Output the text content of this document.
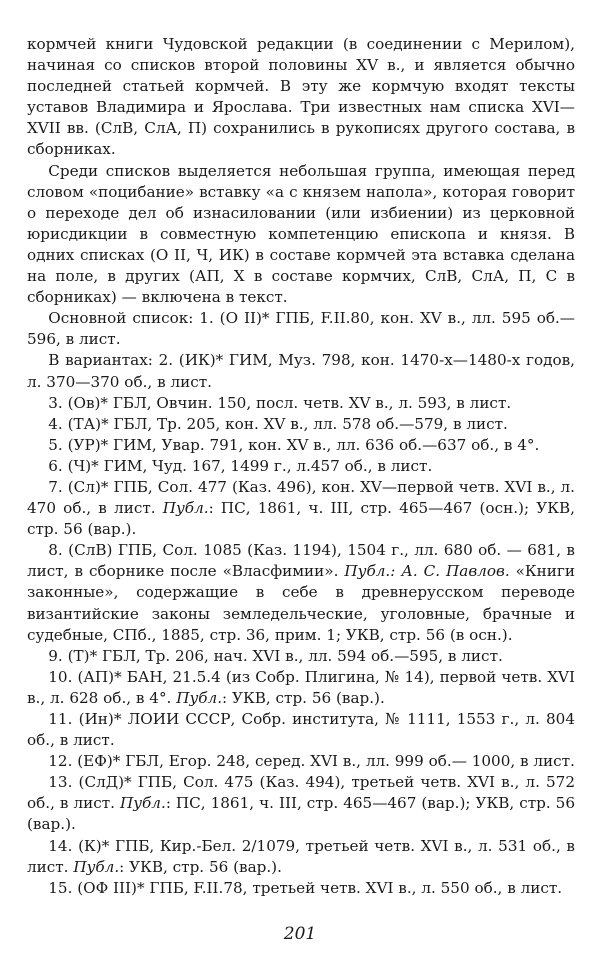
кормчей книги Чудовской редакции (в соединении с Мерилом), начиная со списков второй половины XV в., и является обычно последней статьей кормчей. В эту же кормчую входят тексты уставов Владимира и Ярослава. Три известных нам списка XVI—XVII вв. (СлВ, СлА, П) сохранились в рукописях другого состава, в сборниках.

Среди списков выделяется небольшая группа, имеющая перед словом «поцибание» вставку «а с князем напола», которая говорит о переходе дел об изнасиловании (или избиении) из церковной юрисдикции в совместную компетенцию епископа и князя. В одних списках (О II, Ч, ИК) в составе кормчей эта вставка сделана на поле, в других (АП, Х в составе кормчих, СлВ, СлА, П, С в сборниках) — включена в текст.

Основной список: 1. (О II)* ГПБ, F.II.80, кон. XV в., лл. 595 об.—596, в лист.

В вариантах: 2. (ИК)* ГИМ, Муз. 798, кон. 1470-х—1480-х годов, л. 370—370 об., в лист.

3. (Ов)* ГБЛ, Овчин. 150, посл. четв. XV в., л. 593, в лист.

4. (ТА)* ГБЛ, Тр. 205, кон. XV в., лл. 578 об.—579, в лист.

5. (УР)* ГИМ, Увар. 791, кон. XV в., лл. 636 об.—637 об., в 4°.

6. (Ч)* ГИМ, Чуд. 167, 1499 г., л.457 об., в лист.

7. (Сл)* ГПБ, Сол. 477 (Каз. 496), кон. XV—первой четв. XVI в., л. 470 об., в лист. Публ.: ПС, 1861, ч. III, стр. 465—467 (осн.); УКВ, стр. 56 (вар.).

8. (СлВ) ГПБ, Сол. 1085 (Каз. 1194), 1504 г., лл. 680 об. — 681, в лист, в сборнике после «Власфимии». Публ.: А. С. Павлов. «Книги законные», содержащие в себе в древнерусском переводе византийские законы земледельческие, уголовные, брачные и судебные, СПб., 1885, стр. 36, прим. 1; УКВ, стр. 56 (в осн.).

9. (Т)* ГБЛ, Тр. 206, нач. XVI в., лл. 594 об.—595, в лист.

10. (АП)* БАН, 21.5.4 (из Собр. Плигина, № 14), первой четв. XVI в., л. 628 об., в 4°. Публ.: УКВ, стр. 56 (вар.).

11. (Ин)* ЛОИИ СССР, Собр. института, № 1111, 1553 г., л. 804 об., в лист.

12. (ЕФ)* ГБЛ, Егор. 248, серед. XVI в., лл. 999 об.— 1000, в лист.

13. (СлД)* ГПБ, Сол. 475 (Каз. 494), третьей четв. XVI в., л. 572 об., в лист. Публ.: ПС, 1861, ч. III, стр. 465—467 (вар.); УКВ, стр. 56 (вар.).

14. (К)* ГПБ, Кир.-Бел. 2/1079, третьей четв. XVI в., л. 531 об., в лист. Публ.: УКВ, стр. 56 (вар.).

15. (ОФ III)* ГПБ, F.II.78, третьей четв. XVI в., л. 550 об., в лист.

201
